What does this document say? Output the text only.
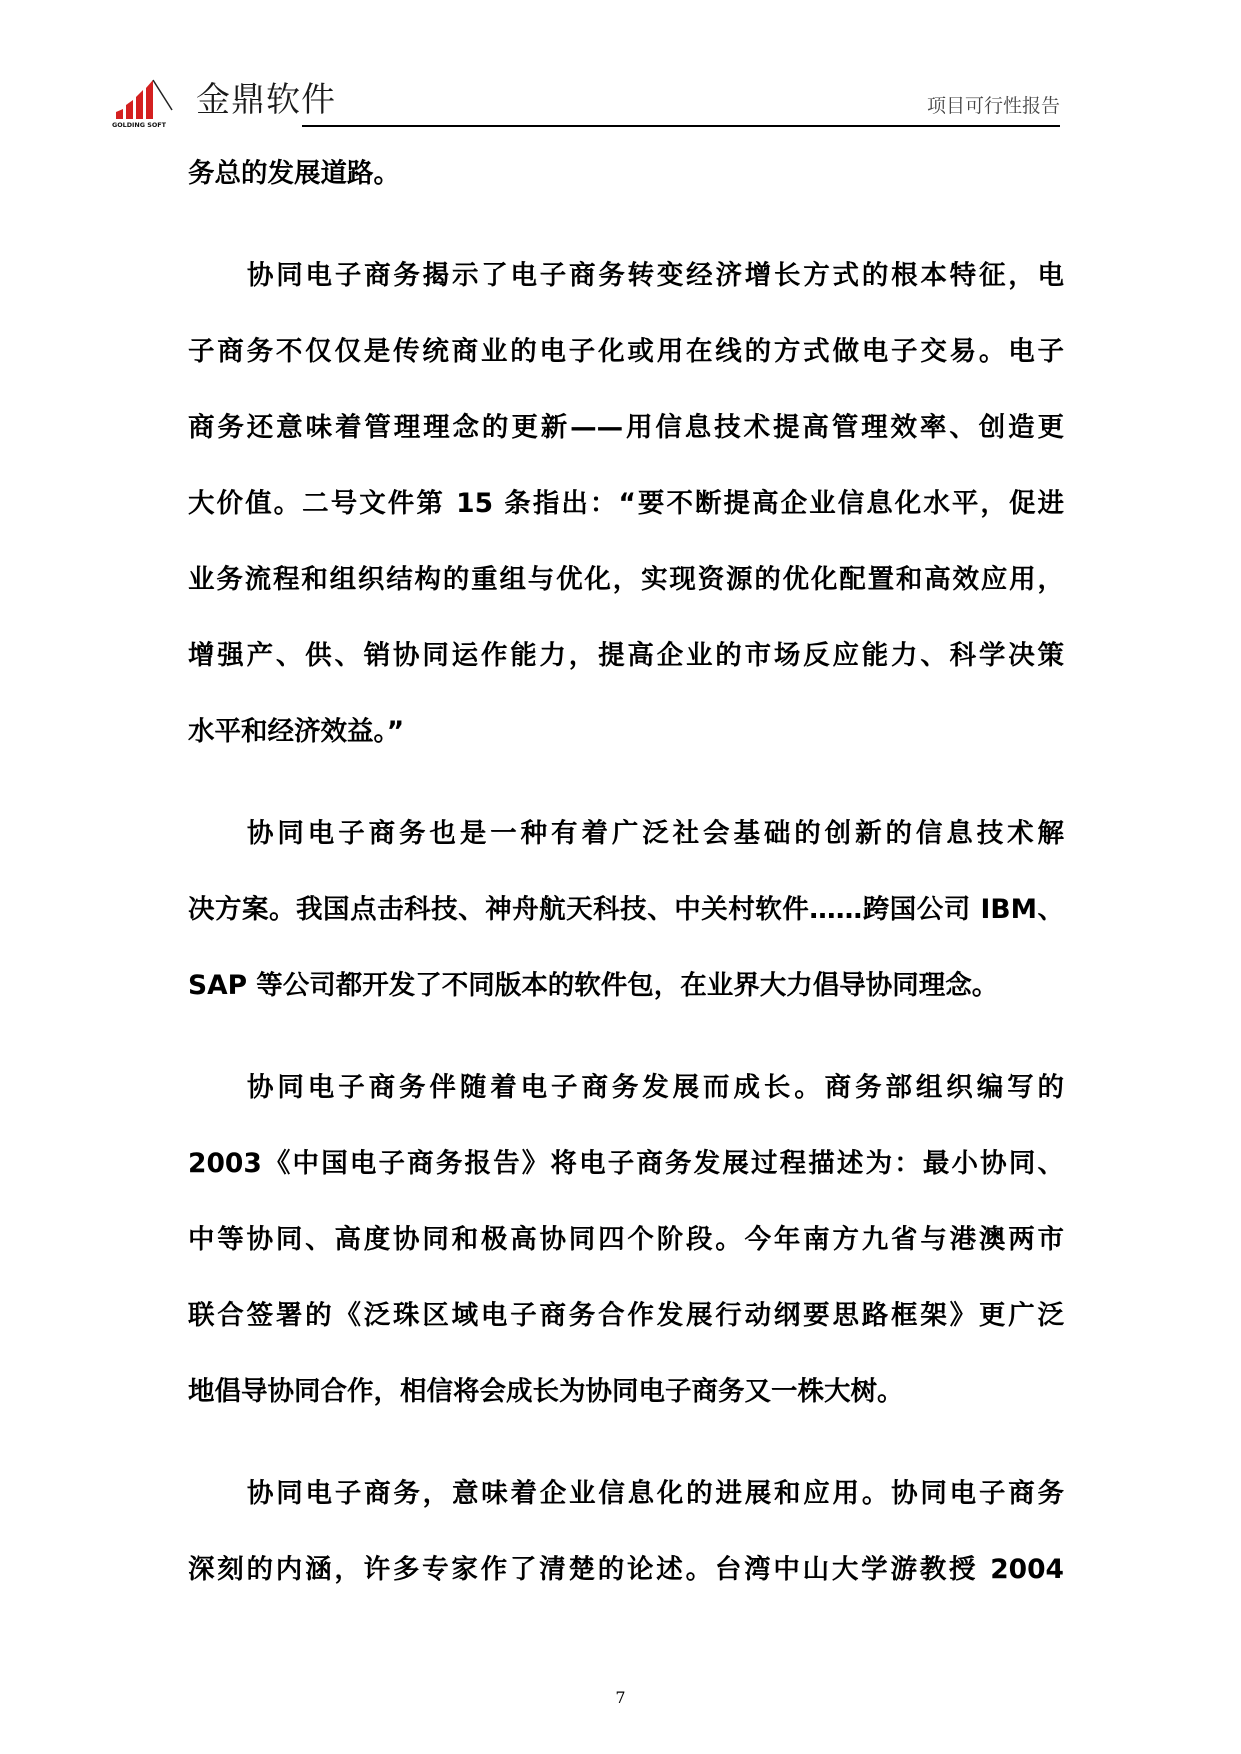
GOLDING SOFT
金鼎软件	项目可行性报告
务总的发展道路。
协同电子商务揭示了电子商务转变经济增长方式的根本特征，电
子商务不仅仅是传统商业的电子化或用在线的方式做电子交易。电子
商务还意味着管理理念的更新——用信息技术提高管理效率、创造更
大价值。二号文件第 15 条指出：“要不断提高企业信息化水平，促进
业务流程和组织结构的重组与优化，实现资源的优化配置和高效应用，
增强产、供、销协同运作能力，提高企业的市场反应能力、科学决策
水平和经济效益。”
协同电子商务也是一种有着广泛社会基础的创新的信息技术解
决方案。我国点击科技、神舟航天科技、中关村软件……跨国公司 IBM、
SAP 等公司都开发了不同版本的软件包，在业界大力倡导协同理念。
协同电子商务伴随着电子商务发展而成长。商务部组织编写的
2003《中国电子商务报告》将电子商务发展过程描述为：最小协同、
中等协同、高度协同和极高协同四个阶段。今年南方九省与港澳两市
联合签署的《泛珠区域电子商务合作发展行动纲要思路框架》更广泛
地倡导协同合作，相信将会成长为协同电子商务又一株大树。
协同电子商务，意味着企业信息化的进展和应用。协同电子商务
深刻的内涵，许多专家作了清楚的论述。台湾中山大学游教授 2004
7
